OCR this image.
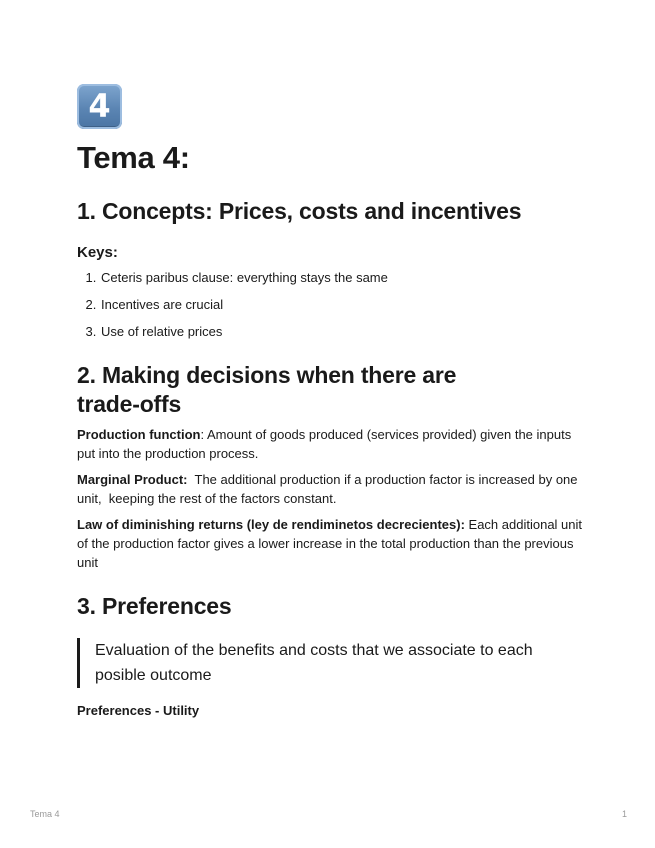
4
Tema 4:
1. Concepts: Prices, costs and incentives
Keys:
1. Ceteris paribus clause: everything stays the same
2. Incentives are crucial
3. Use of relative prices
2. Making decisions when there are
trade-offs

Production function: Amount of goods produced (services provided) given the inputs put into the production process.

Marginal Product:  The additional production if a production factor is increased by one unit,  keeping the rest of the factors constant.

Law of diminishing returns (ley de rendiminetos decrecientes): Each additional unit of the production factor gives a lower increase in the total production than the previous unit

3. Preferences
Evaluation of the benefits and costs that we associate to each posible outcome
Preferences - Utility
Tema 4	1
